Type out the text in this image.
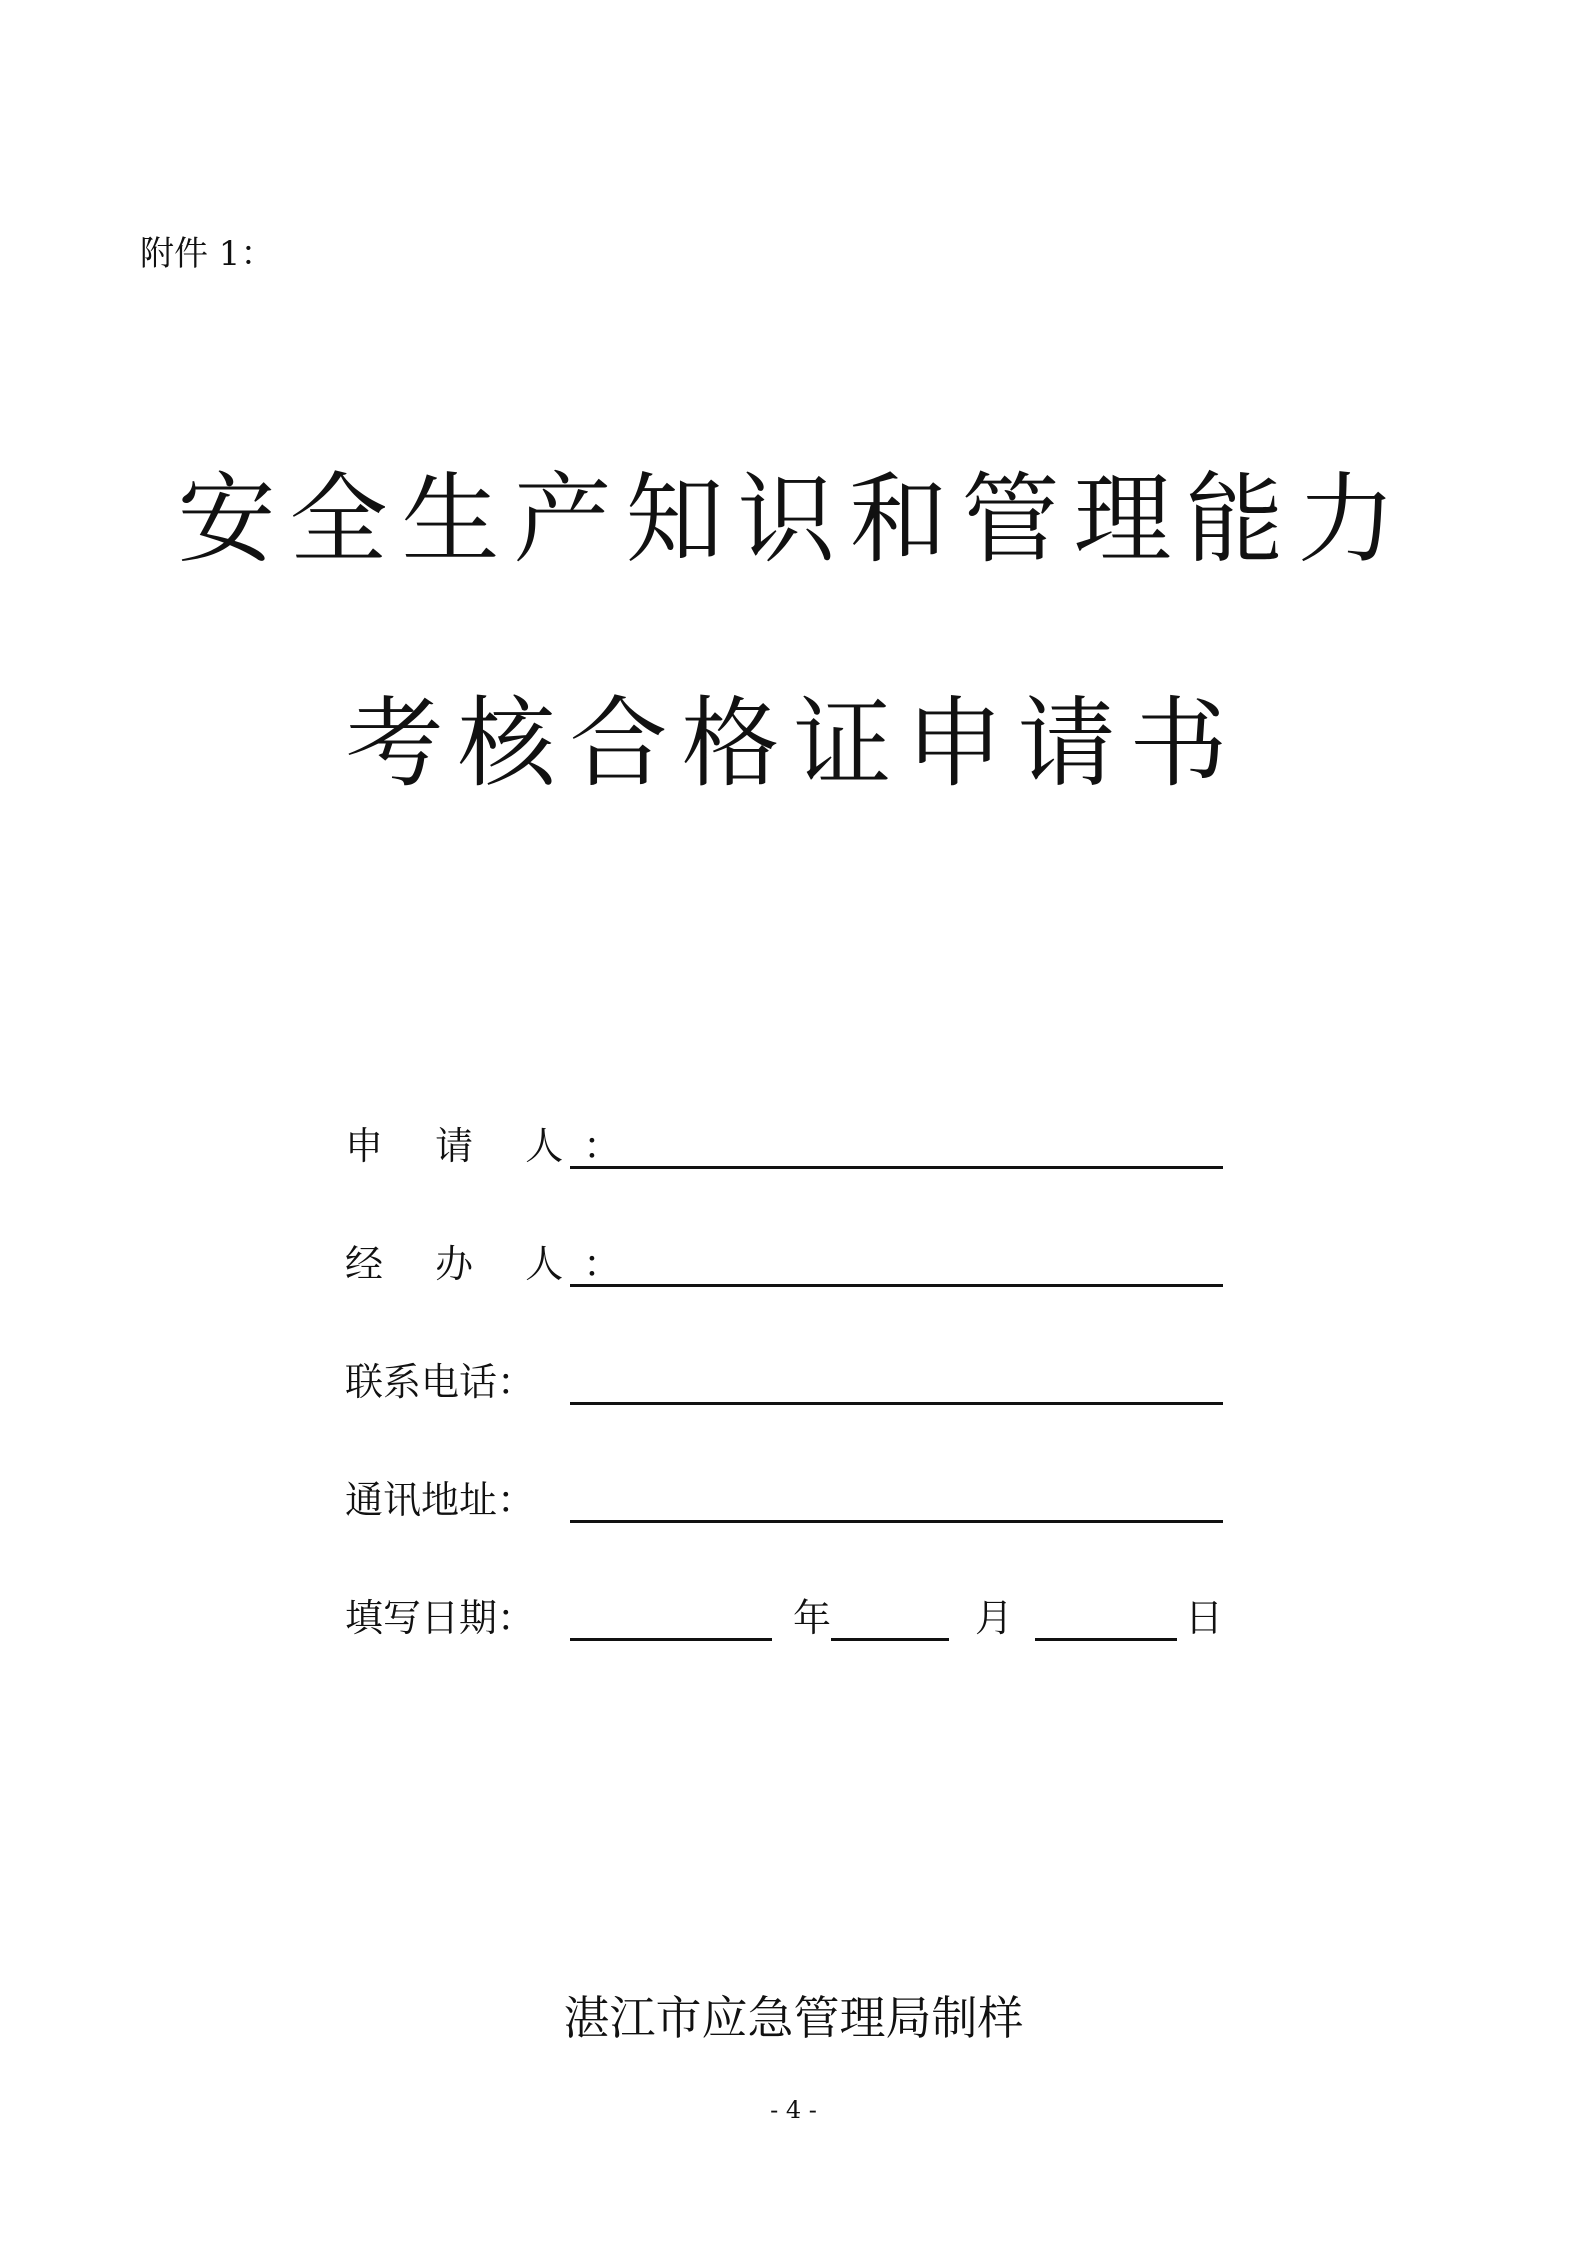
附件 1：
安全生产知识和管理能力
考核合格证申请书
申 请 人：
经 办 人：
联系电话：
通讯地址：
填写日期：	年	月	日
湛江市应急管理局制样
- 4 -
